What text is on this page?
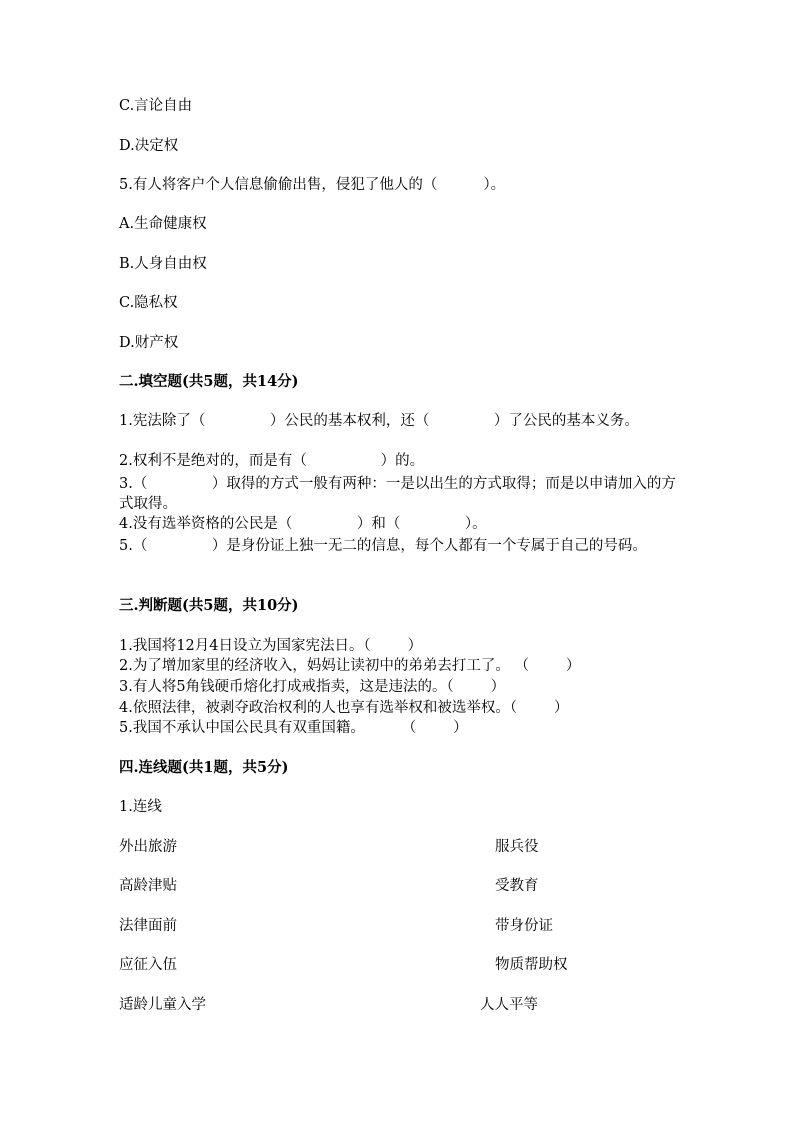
C.言论自由
D.决定权
5.有人将客户个人信息偷偷出售，侵犯了他人的（          ）。
A.生命健康权
B.人身自由权
C.隐私权
D.财产权
二.填空题(共5题，共14分)
1.宪法除了（              ）公民的基本权利，还（              ）了公民的基本义务。
2.权利不是绝对的，而是有（                ）的。
3.（              ）取得的方式一般有两种：一是以出生的方式取得；而是以申请加入的方式取得。
4.没有选举资格的公民是（              ）和（              ）。
5.（              ）是身份证上独一无二的信息，每个人都有一个专属于自己的号码。
三.判断题(共5题，共10分)
1.我国将12月4日设立为国家宪法日。（        ）
2.为了增加家里的经济收入，妈妈让读初中的弟弟去打工了。 （        ）
3.有人将5角钱硬币熔化打成戒指卖，这是违法的。（        ）
4.依照法律，被剥夺政治权利的人也享有选举权和被选举权。（        ）
5.我国不承认中国公民具有双重国籍。        （        ）
四.连线题(共1题，共5分)
1.连线
外出旅游	服兵役
高龄津贴	受教育
法律面前	带身份证
应征入伍	物质帮助权
适龄儿童入学	人人平等
